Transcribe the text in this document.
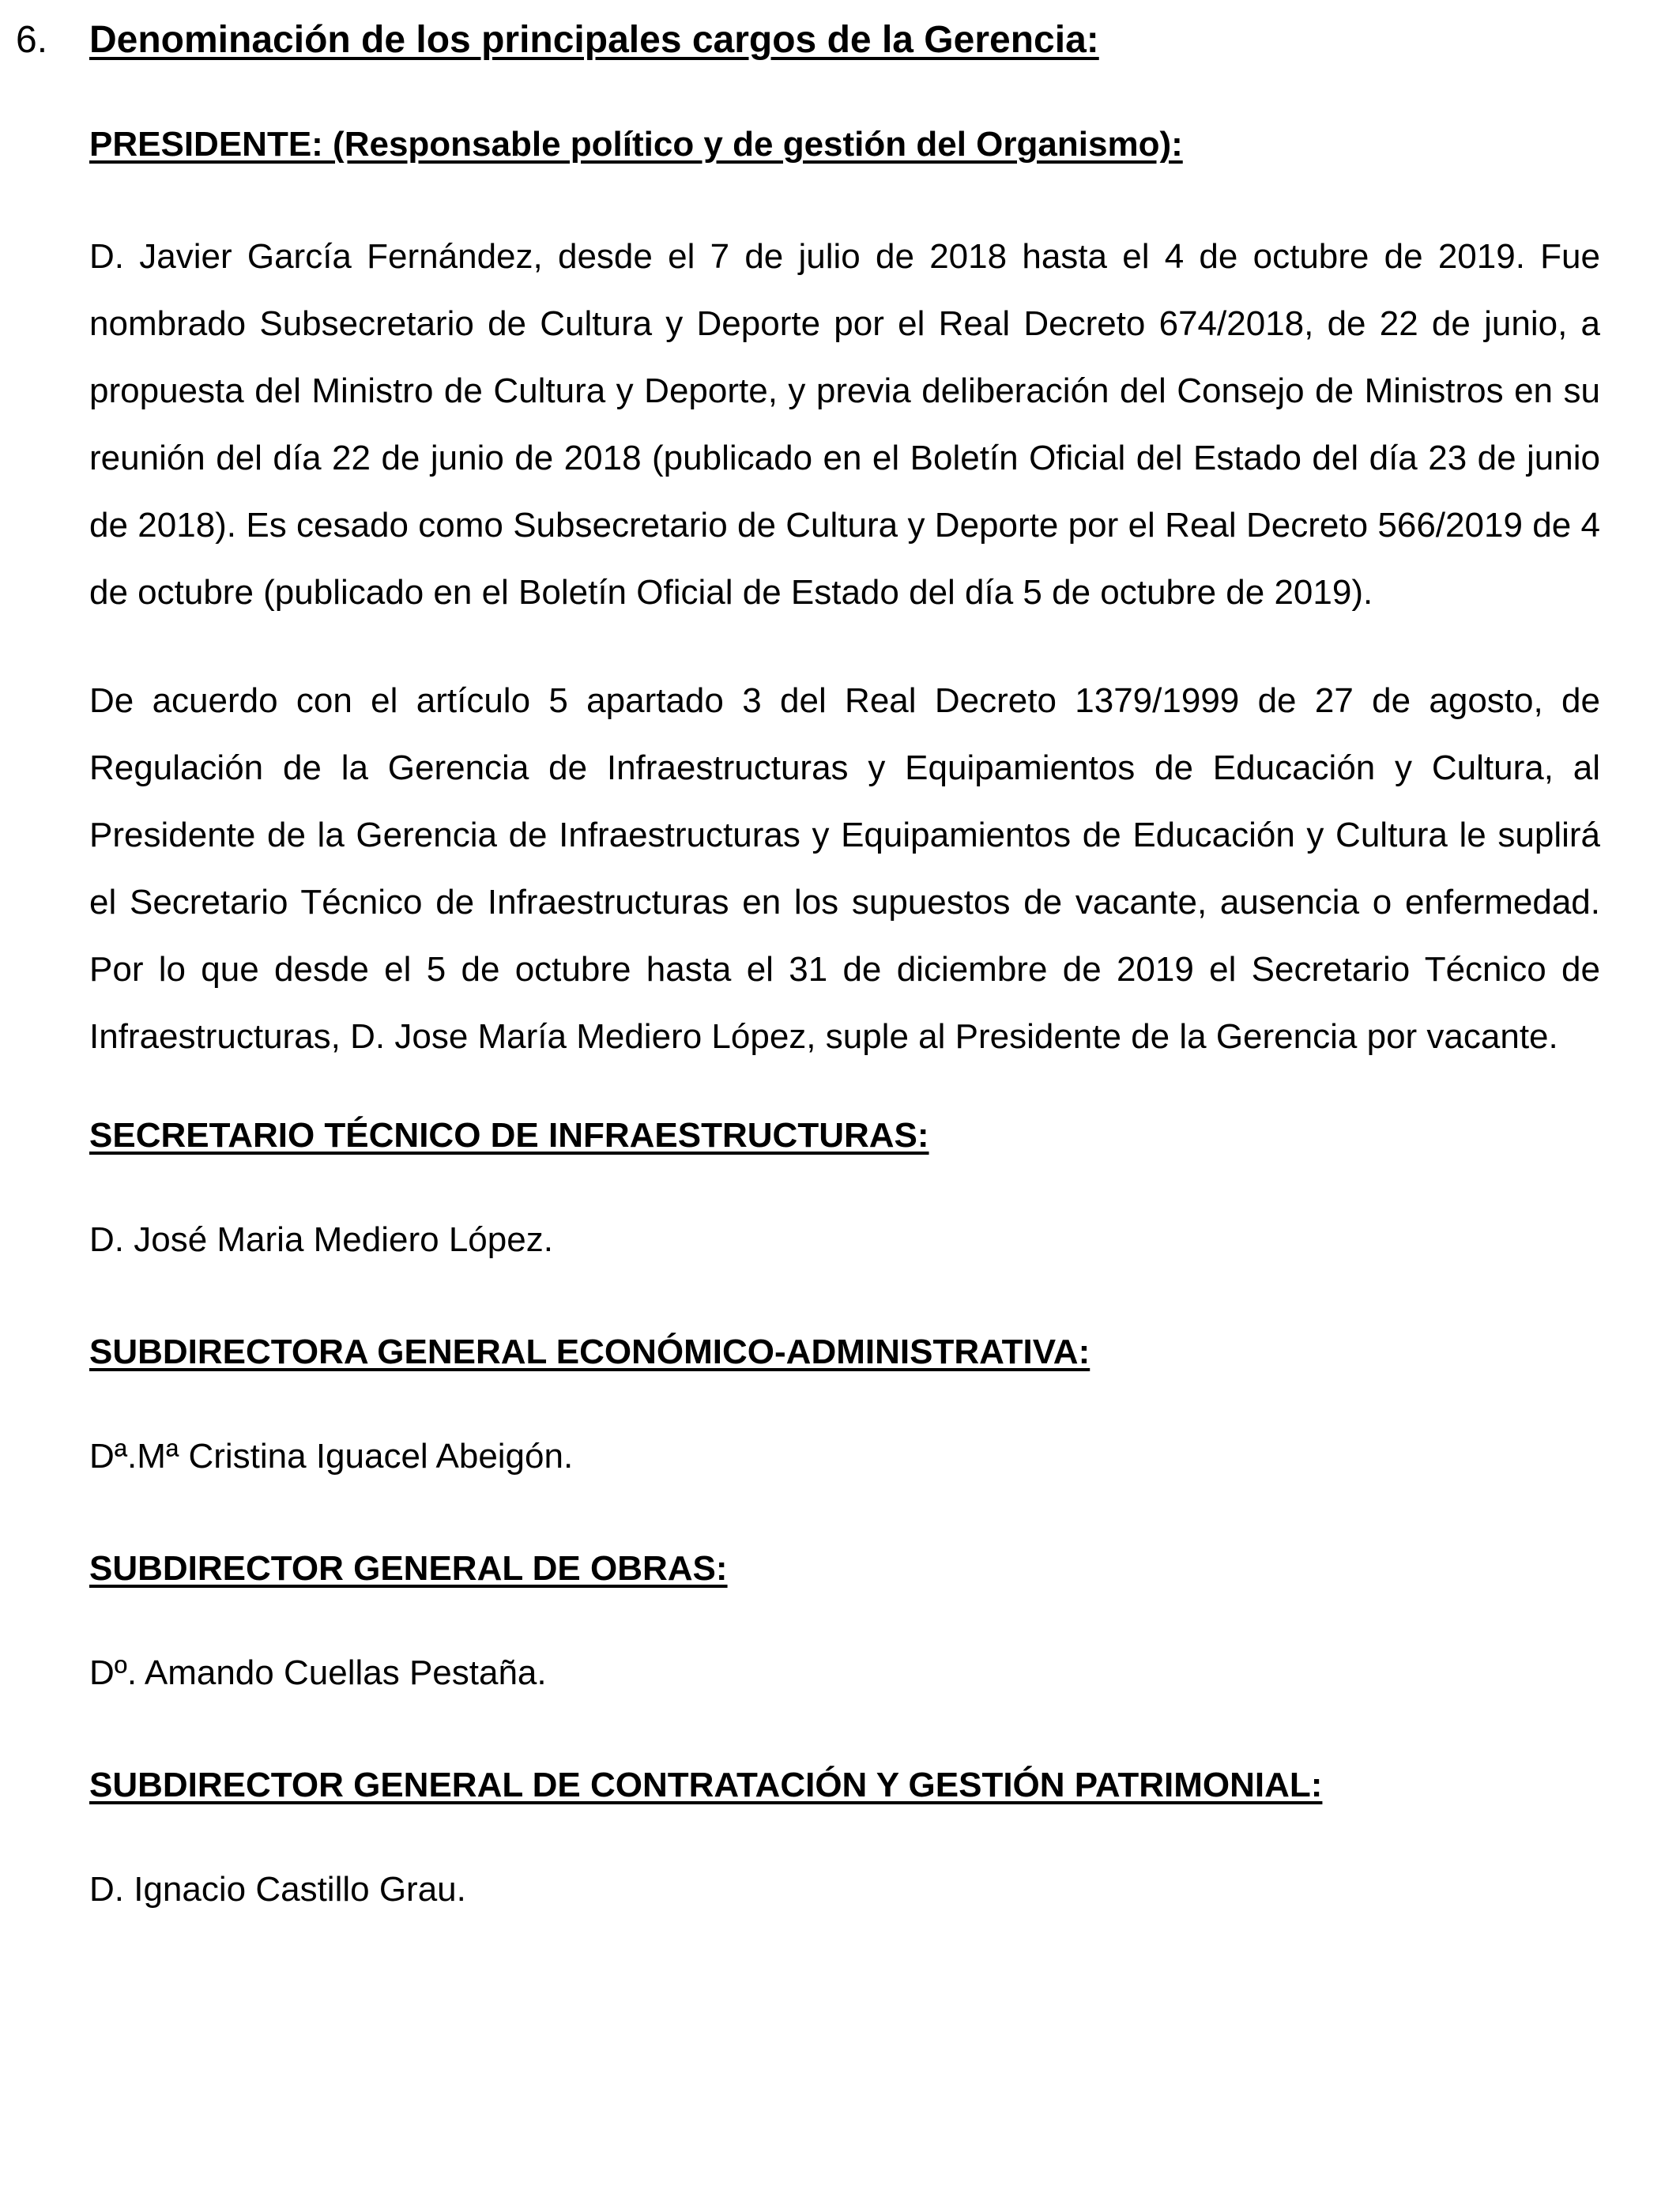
6. Denominación de los principales cargos de la Gerencia:
PRESIDENTE: (Responsable político y de gestión del Organismo):

D. Javier García Fernández, desde el 7 de julio de 2018 hasta el 4 de octubre de 2019. Fue nombrado Subsecretario de Cultura y Deporte por el Real Decreto 674/2018, de 22 de junio, a propuesta del Ministro de Cultura y Deporte, y previa deliberación del Consejo de Ministros en su reunión del día 22 de junio de 2018 (publicado en el Boletín Oficial del Estado del día 23 de junio de 2018). Es cesado como Subsecretario de Cultura y Deporte por el Real Decreto 566/2019 de 4 de octubre (publicado en el Boletín Oficial de Estado del día 5 de octubre de 2019).

De acuerdo con el artículo 5 apartado 3 del Real Decreto 1379/1999 de 27 de agosto, de Regulación de la Gerencia de Infraestructuras y Equipamientos de Educación y Cultura, al Presidente de la Gerencia de Infraestructuras y Equipamientos de Educación y Cultura le suplirá el Secretario Técnico de Infraestructuras en los supuestos de vacante, ausencia o enfermedad. Por lo que desde el 5 de octubre hasta el 31 de diciembre de 2019 el Secretario Técnico de Infraestructuras, D. Jose María Mediero López, suple al Presidente de la Gerencia por vacante.

SECRETARIO TÉCNICO DE INFRAESTRUCTURAS:
D. José Maria Mediero López.
SUBDIRECTORA GENERAL ECONÓMICO-ADMINISTRATIVA:
Dª.Mª Cristina Iguacel Abeigón.
SUBDIRECTOR GENERAL DE OBRAS:
Dº. Amando Cuellas Pestaña.
SUBDIRECTOR GENERAL DE CONTRATACIÓN Y GESTIÓN PATRIMONIAL:
D. Ignacio Castillo Grau.
